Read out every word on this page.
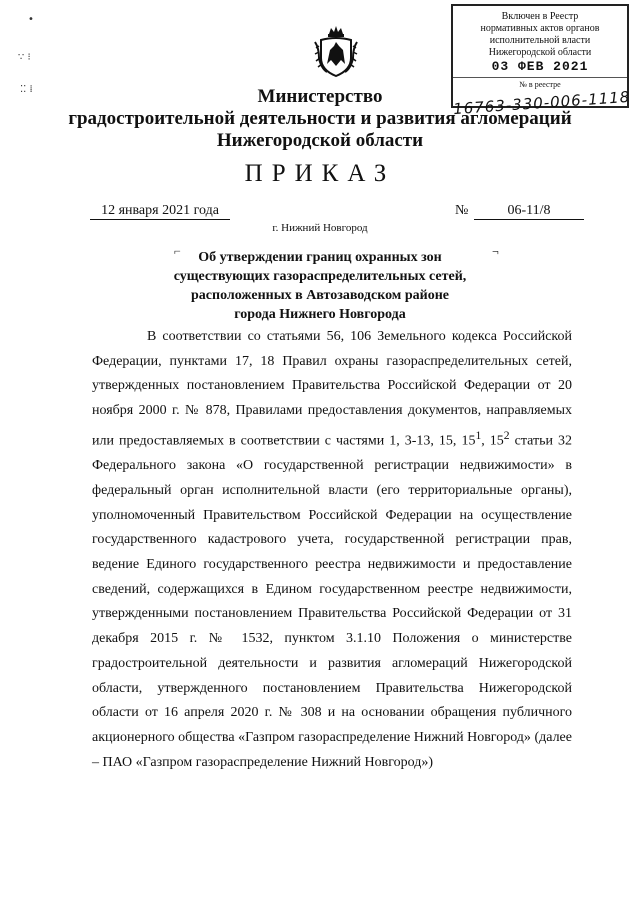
•
∵ ⁝
⁚⁚ ⁞
Включен в Реестр
нормативных актов органов
исполнительной власти
Нижегородской области
03 ФЕВ 2021
№ в реестре
16763-330-006-1118
Министерство
градостроительной деятельности и развития агломераций
Нижегородской области
ПРИКАЗ
12 января 2021 года	№	06-11/8
г. Нижний Новгород
⌐	¬
Об утверждении границ охранных зон
существующих газораспределительных сетей,
расположенных в Автозаводском районе
города Нижнего Новгорода
В соответствии со статьями 56, 106 Земельного кодекса Российской Федерации, пунктами 17, 18 Правил охраны газораспределительных сетей, утвержденных постановлением Правительства Российской Федерации от 20 ноября 2000 г. № 878, Правилами предоставления документов, направляемых или предоставляемых в соответствии с частями 1, 3-13, 15, $15^1$, $15^2$ статьи 32 Федерального закона «О государственной регистрации недвижимости» в федеральный орган исполнительной власти (его территориальные органы), уполномоченный Правительством Российской Федерации на осуществление государственного кадастрового учета, государственной регистрации прав, ведение Единого государственного реестра недвижимости и предоставление сведений, содержащихся в Едином государственном реестре недвижимости, утвержденными постановлением Правительства Российской Федерации от 31 декабря 2015 г. № 1532, пунктом 3.1.10 Положения о министерстве градостроительной деятельности и развития агломераций Нижегородской области, утвержденного постановлением Правительства Нижегородской области от 16 апреля 2020 г. № 308 и на основании обращения публичного акционерного общества «Газпром газораспределение Нижний Новгород» (далее – ПАО «Газпром газораспределение Нижний Новгород»)
